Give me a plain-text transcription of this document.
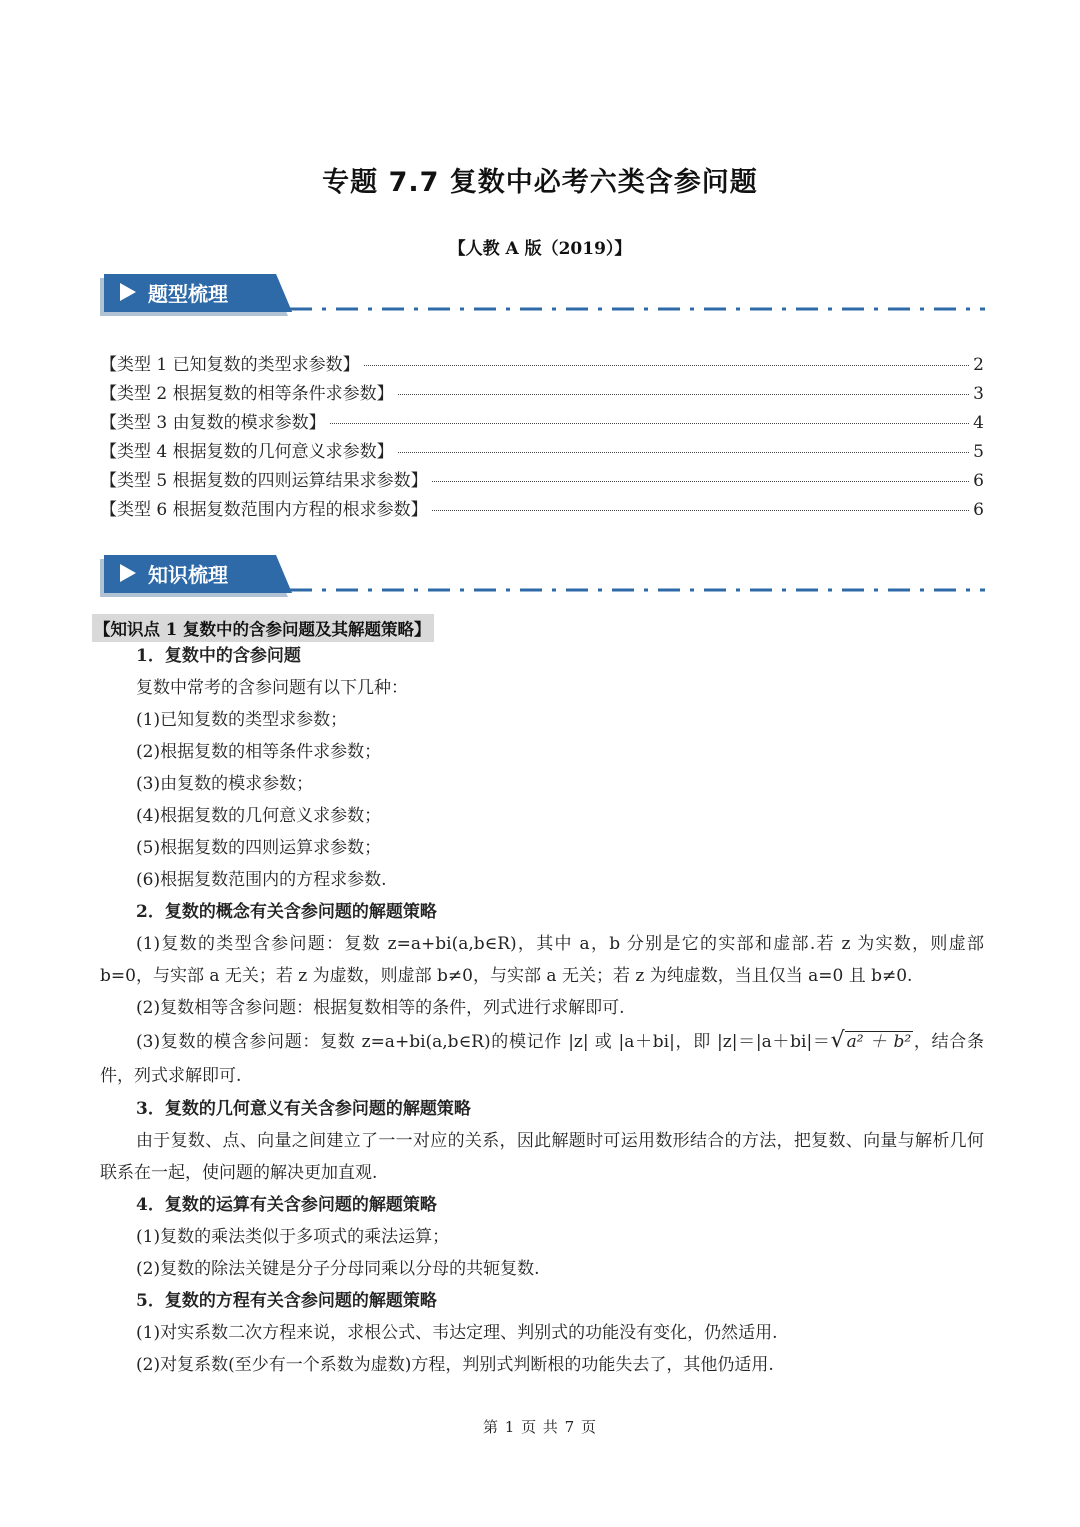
专题 7.7 复数中必考六类含参问题
【人教 A 版（2019）】
题型梳理
【类型 1 已知复数的类型求参数】	2
【类型 2 根据复数的相等条件求参数】	3
【类型 3 由复数的模求参数】	4
【类型 4 根据复数的几何意义求参数】	5
【类型 5 根据复数的四则运算结果求参数】	6
【类型 6 根据复数范围内方程的根求参数】	6
知识梳理
【知识点 1 复数中的含参问题及其解题策略】

1．复数中的含参问题

复数中常考的含参问题有以下几种：

(1)已知复数的类型求参数；

(2)根据复数的相等条件求参数；

(3)由复数的模求参数；

(4)根据复数的几何意义求参数；

(5)根据复数的四则运算求参数；

(6)根据复数范围内的方程求参数.

2．复数的概念有关含参问题的解题策略

(1)复数的类型含参问题：复数 z=a+bi(a,b∈R)，其中 a，b 分别是它的实部和虚部.若 z 为实数，则虚部 b=0，与实部 a 无关；若 z 为虚数，则虚部 b≠0，与实部 a 无关；若 z 为纯虚数，当且仅当 a=0 且 b≠0.

(2)复数相等含参问题：根据复数相等的条件，列式进行求解即可.

(3)复数的模含参问题：复数 z=a+bi(a,b∈R)的模记作 |z| 或 |a＋bi|，即 |z|＝|a＋bi|＝√ a² ＋ b² ，结合条件，列式求解即可.

3．复数的几何意义有关含参问题的解题策略

由于复数、点、向量之间建立了一一对应的关系，因此解题时可运用数形结合的方法，把复数、向量与解析几何联系在一起，使问题的解决更加直观.

4．复数的运算有关含参问题的解题策略

(1)复数的乘法类似于多项式的乘法运算；

(2)复数的除法关键是分子分母同乘以分母的共轭复数.

5．复数的方程有关含参问题的解题策略

(1)对实系数二次方程来说，求根公式、韦达定理、判别式的功能没有变化，仍然适用.

(2)对复系数(至少有一个系数为虚数)方程，判别式判断根的功能失去了，其他仍适用.

第 1 页 共 7 页
